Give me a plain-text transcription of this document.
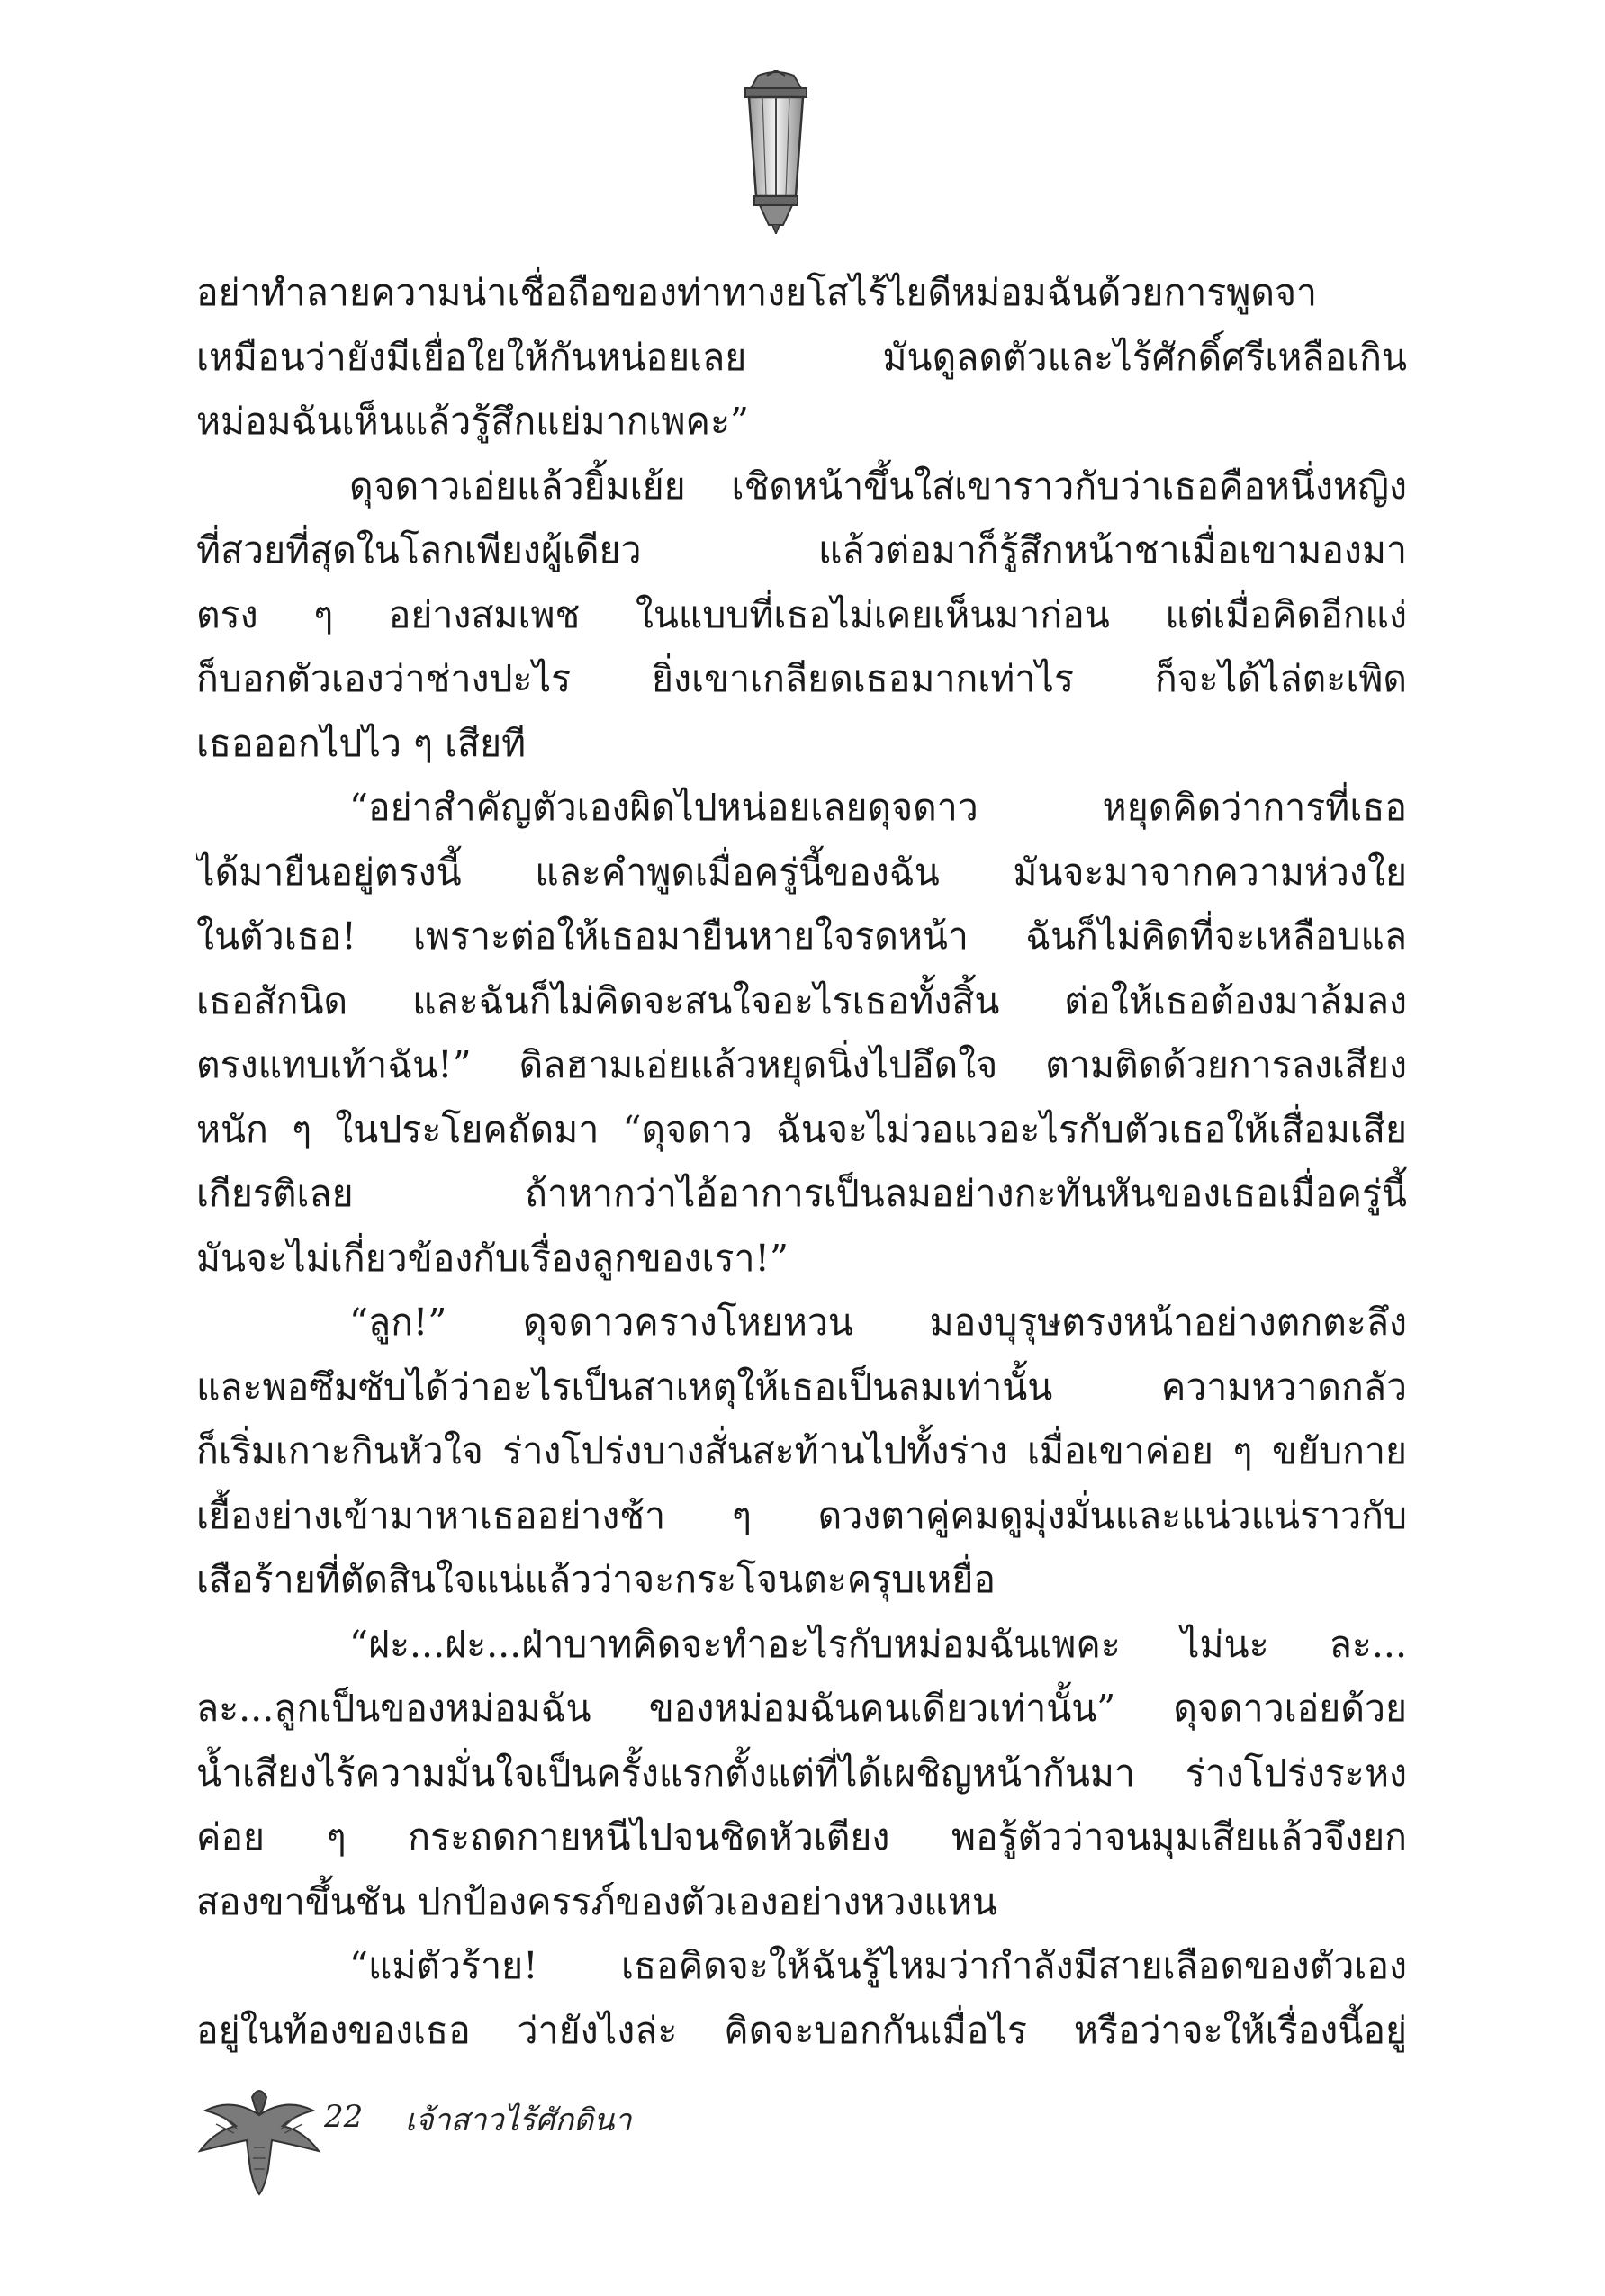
อย่าทำลายความน่าเชื่อถือของท่าทางยโสไร้ไยดีหม่อมฉันด้วยการพูดจา
เหมือนว่ายังมีเยื่อใยให้กันหน่อยเลย มันดูลดตัวและไร้ศักดิ์ศรีเหลือเกิน
หม่อมฉันเห็นแล้วรู้สึกแย่มากเพคะ”
ดุจดาวเอ่ยแล้วยิ้มเย้ย เชิดหน้าขึ้นใส่เขาราวกับว่าเธอคือหนึ่งหญิง
ที่สวยที่สุดในโลกเพียงผู้เดียว แล้วต่อมาก็รู้สึกหน้าชาเมื่อเขามองมา
ตรง ๆ อย่างสมเพช ในแบบที่เธอไม่เคยเห็นมาก่อน แต่เมื่อคิดอีกแง่
ก็บอกตัวเองว่าช่างปะไร ยิ่งเขาเกลียดเธอมากเท่าไร ก็จะได้ไล่ตะเพิด
เธอออกไปไว ๆ เสียที
“อย่าสำคัญตัวเองผิดไปหน่อยเลยดุจดาว หยุดคิดว่าการที่เธอ
ได้มายืนอยู่ตรงนี้ และคำพูดเมื่อครู่นี้ของฉัน มันจะมาจากความห่วงใย
ในตัวเธอ! เพราะต่อให้เธอมายืนหายใจรดหน้า ฉันก็ไม่คิดที่จะเหลือบแล
เธอสักนิด และฉันก็ไม่คิดจะสนใจอะไรเธอทั้งสิ้น ต่อให้เธอต้องมาล้มลง
ตรงแทบเท้าฉัน!” ดิลฮามเอ่ยแล้วหยุดนิ่งไปอึดใจ ตามติดด้วยการลงเสียง
หนัก ๆ ในประโยคถัดมา “ดุจดาว ฉันจะไม่วอแวอะไรกับตัวเธอให้เสื่อมเสีย
เกียรติเลย ถ้าหากว่าไอ้อาการเป็นลมอย่างกะทันหันของเธอเมื่อครู่นี้
มันจะไม่เกี่ยวข้องกับเรื่องลูกของเรา!”
“ลูก!” ดุจดาวครางโหยหวน มองบุรุษตรงหน้าอย่างตกตะลึง
และพอซึมซับได้ว่าอะไรเป็นสาเหตุให้เธอเป็นลมเท่านั้น ความหวาดกลัว
ก็เริ่มเกาะกินหัวใจ ร่างโปร่งบางสั่นสะท้านไปทั้งร่าง เมื่อเขาค่อย ๆ ขยับกาย
เยื้องย่างเข้ามาหาเธออย่างช้า ๆ ดวงตาคู่คมดูมุ่งมั่นและแน่วแน่ราวกับ
เสือร้ายที่ตัดสินใจแน่แล้วว่าจะกระโจนตะครุบเหยื่อ
“ฝะ...ฝะ...ฝ่าบาทคิดจะทำอะไรกับหม่อมฉันเพคะ ไม่นะ ละ...
ละ...ลูกเป็นของหม่อมฉัน ของหม่อมฉันคนเดียวเท่านั้น” ดุจดาวเอ่ยด้วย
น้ำเสียงไร้ความมั่นใจเป็นครั้งแรกตั้งแต่ที่ได้เผชิญหน้ากันมา ร่างโปร่งระหง
ค่อย ๆ กระถดกายหนีไปจนชิดหัวเตียง พอรู้ตัวว่าจนมุมเสียแล้วจึงยก
สองขาขึ้นชัน ปกป้องครรภ์ของตัวเองอย่างหวงแหน
“แม่ตัวร้าย! เธอคิดจะให้ฉันรู้ไหมว่ากำลังมีสายเลือดของตัวเอง
อยู่ในท้องของเธอ ว่ายังไงล่ะ คิดจะบอกกันเมื่อไร หรือว่าจะให้เรื่องนี้อยู่
22 เจ้าสาวไร้ศักดินา
